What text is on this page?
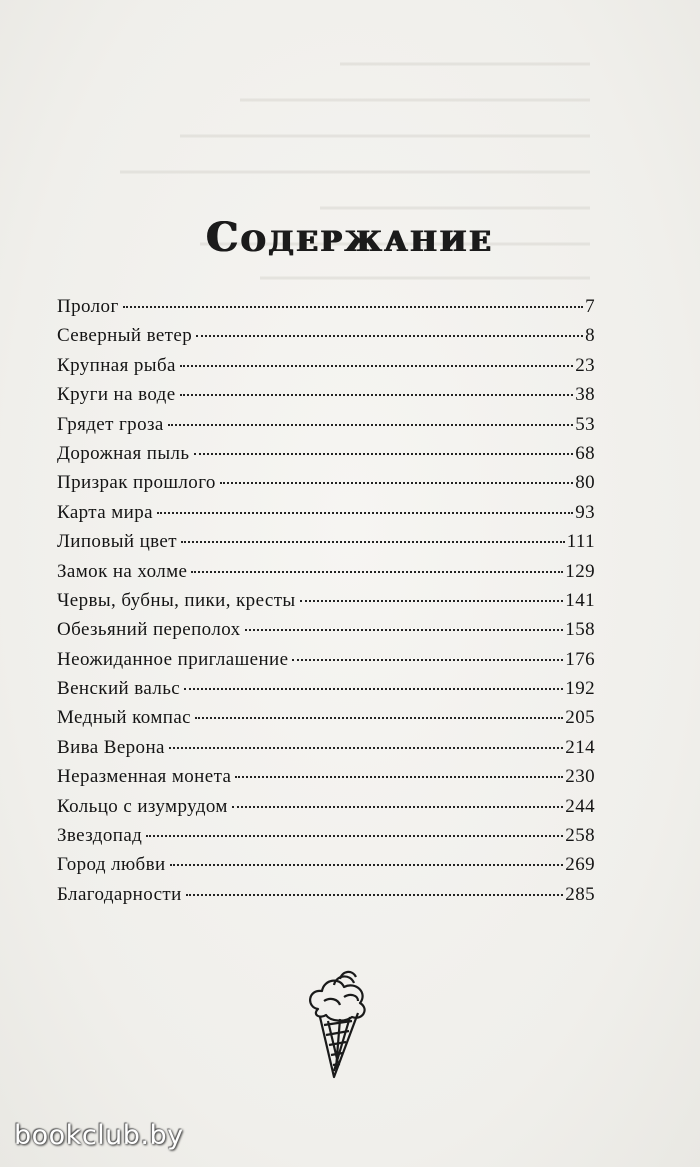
Содержание
Пролог	7
Северный ветер	8
Крупная рыба	23
Круги на воде	38
Грядет гроза	53
Дорожная пыль	68
Призрак прошлого	80
Карта мира	93
Липовый цвет	111
Замок на холме	129
Червы, бубны, пики, кресты	141
Обезьяний переполох	158
Неожиданное приглашение	176
Венский вальс	192
Медный компас	205
Вива Верона	214
Неразменная монета	230
Кольцо с изумрудом	244
Звездопад	258
Город любви	269
Благодарности	285
bookclub.by
